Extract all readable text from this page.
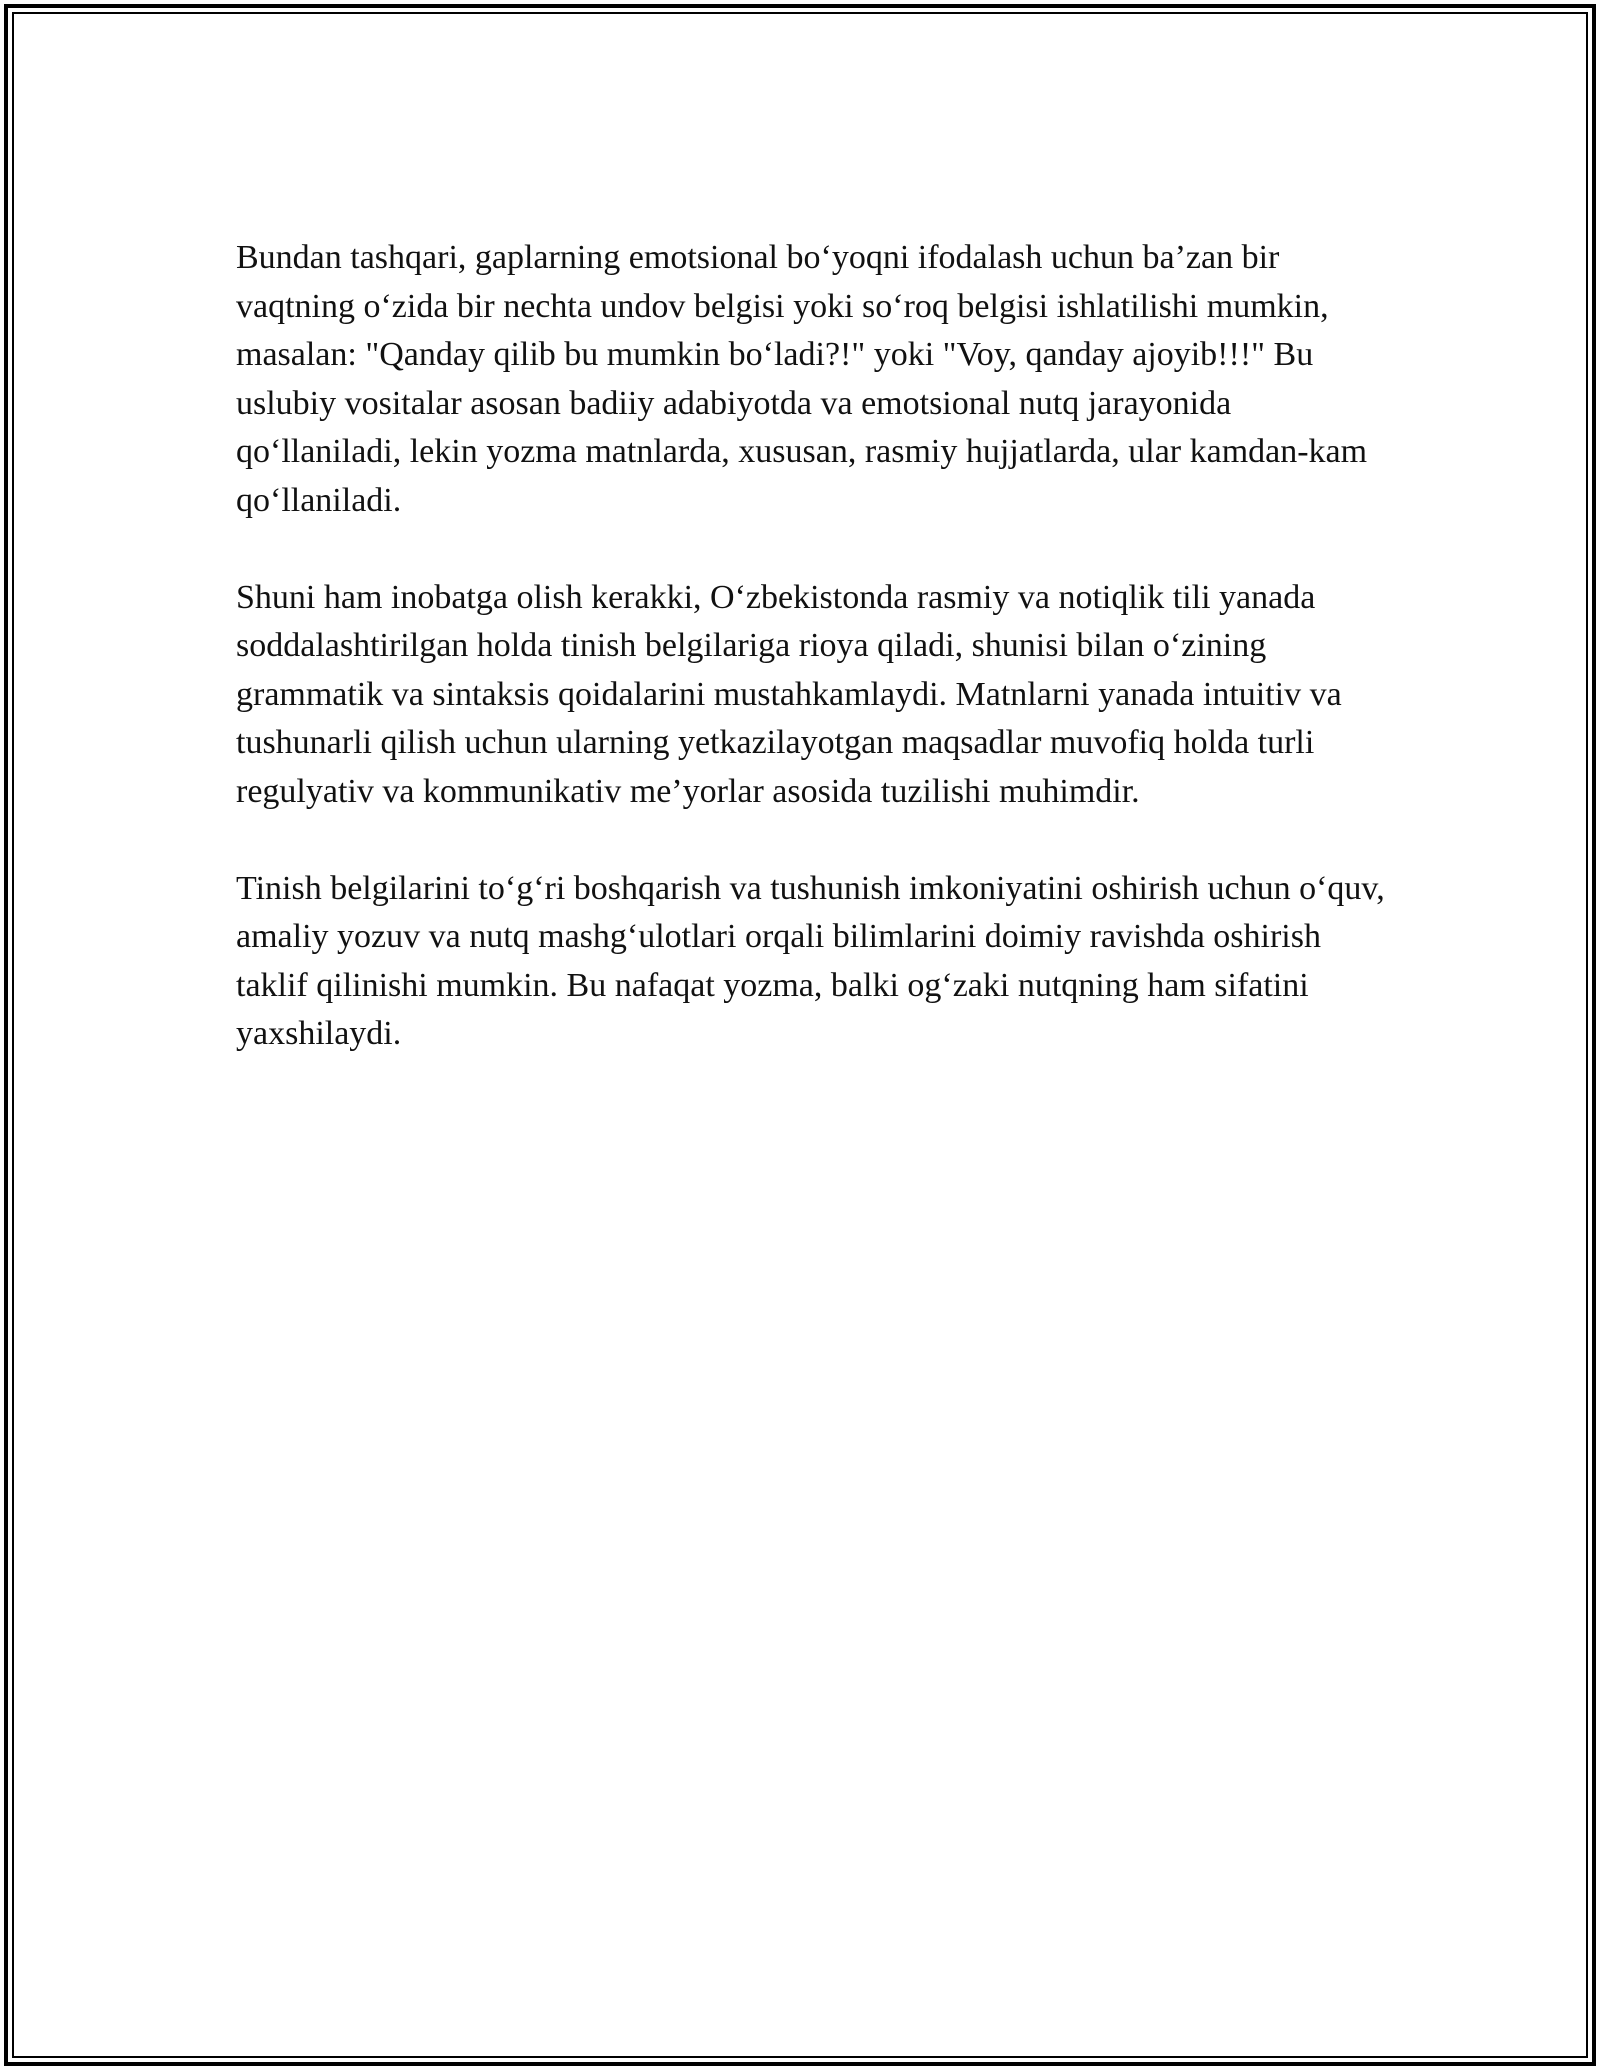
Bundan tashqari, gaplarning emotsional bo‘yoqni ifodalash uchun ba’zan bir vaqtning o‘zida bir nechta undov belgisi yoki so‘roq belgisi ishlatilishi mumkin, masalan: "Qanday qilib bu mumkin bo‘ladi?!" yoki "Voy, qanday ajoyib!!!" Bu uslubiy vositalar asosan badiiy adabiyotda va emotsional nutq jarayonida qo‘llaniladi, lekin yozma matnlarda, xususan, rasmiy hujjatlarda, ular kamdan-kam qo‘llaniladi.

Shuni ham inobatga olish kerakki, O‘zbekistonda rasmiy va notiqlik tili yanada soddalashtirilgan holda tinish belgilariga rioya qiladi, shunisi bilan o‘zining grammatik va sintaksis qoidalarini mustahkamlaydi. Matnlarni yanada intuitiv va tushunarli qilish uchun ularning yetkazilayotgan maqsadlar muvofiq holda turli regulyativ va kommunikativ me’yorlar asosida tuzilishi muhimdir.

Tinish belgilarini to‘g‘ri boshqarish va tushunish imkoniyatini oshirish uchun o‘quv, amaliy yozuv va nutq mashg‘ulotlari orqali bilimlarini doimiy ravishda oshirish taklif qilinishi mumkin. Bu nafaqat yozma, balki og‘zaki nutqning ham sifatini yaxshilaydi.
